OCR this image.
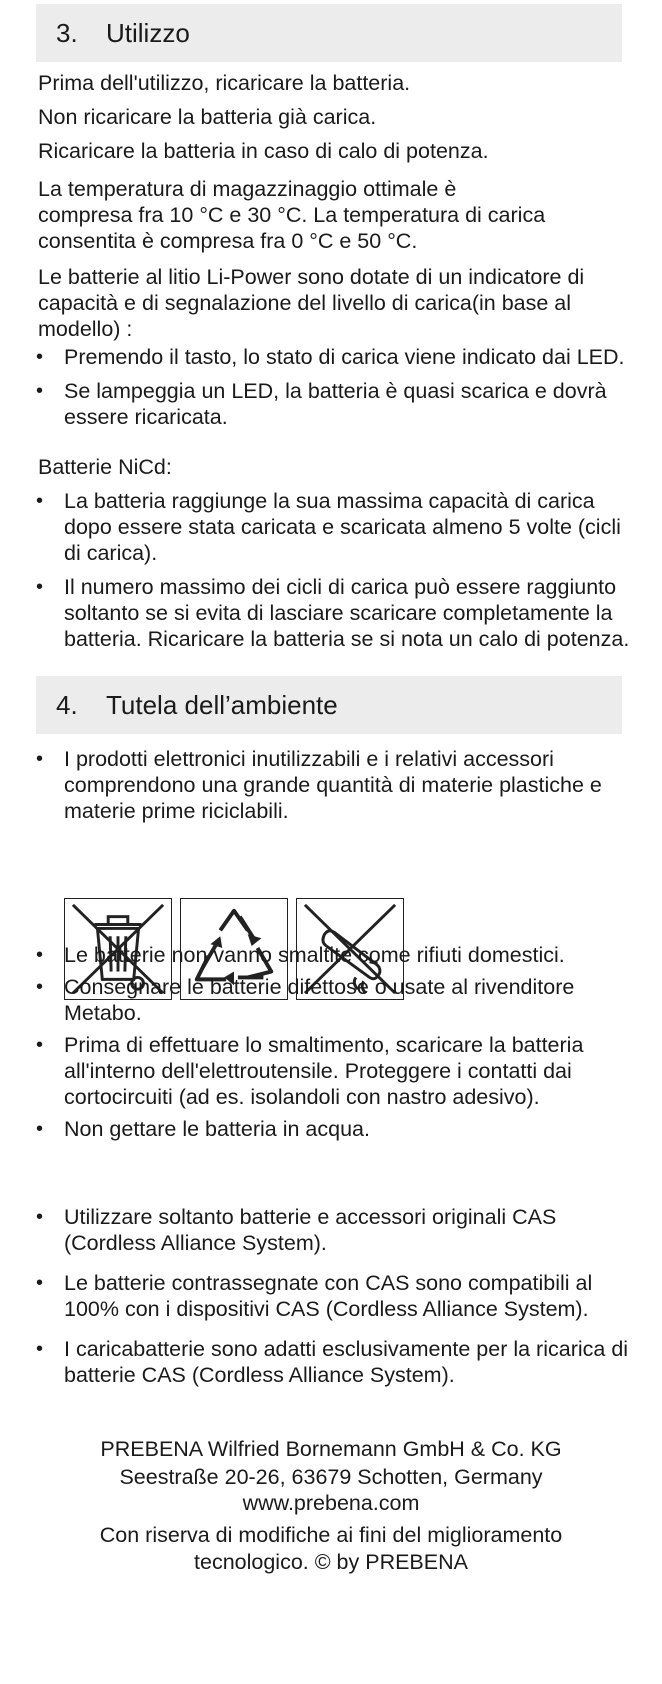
3.	Utilizzo
Prima dell'utilizzo, ricaricare la batteria.
Non ricaricare la batteria già carica.
Ricaricare la batteria in caso di calo di potenza.
La temperatura di magazzinaggio ottimale è compresa fra 10 °C e 30 °C. La temperatura di carica consentita è compresa fra 0 °C e 50 °C.
Le batterie al litio Li-Power sono dotate di un indicatore di capacità e di segnalazione del livello di carica(in base al modello) :
• Premendo il tasto, lo stato di carica viene indicato dai LED.
• Se lampeggia un LED, la batteria è quasi scarica e dovrà essere ricaricata.
Batterie NiCd:
• La batteria raggiunge la sua massima capacità di carica dopo essere stata caricata e scaricata almeno 5 volte (cicli di carica).
• Il numero massimo dei cicli di carica può essere raggiunto soltanto se si evita di lasciare scaricare completamente la batteria. Ricaricare la batteria se si nota un calo di potenza.
4.	Tutela dell’ambiente
• I prodotti elettronici inutilizzabili e i relativi accessori comprendono una grande quantità di materie plastiche e materie prime riciclabili.
• Le batterie non vanno smaltite come rifiuti domestici.
• Consegnare le batterie difettose o usate al rivenditore Metabo.
• Prima di effettuare lo smaltimento, scaricare la batteria all'interno dell'elettroutensile. Proteggere i contatti dai cortocircuiti (ad es. isolandoli con nastro adesivo).
• Non gettare le batteria in acqua.
• Utilizzare soltanto batterie e accessori originali CAS (Cordless Alliance System).
• Le batterie contrassegnate con CAS sono compatibili al 100% con i dispositivi CAS (Cordless Alliance System).
• I caricabatterie sono adatti esclusivamente per la ricarica di batterie CAS (Cordless Alliance System).
PREBENA Wilfried Bornemann GmbH & Co. KG
Seestraße 20-26, 63679 Schotten, Germany
www.prebena.com
Con riserva di modifiche ai fini del miglioramento tecnologico. © by PREBENA
